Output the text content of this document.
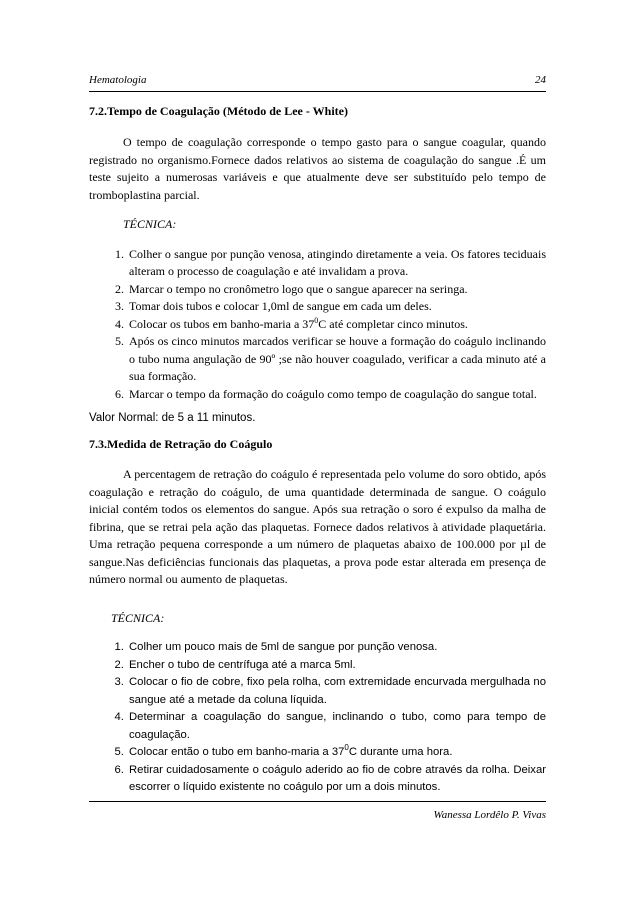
Hematologia	24
7.2.Tempo de Coagulação (Método de Lee - White)

O tempo de coagulação corresponde o tempo gasto para o sangue coagular, quando registrado no organismo.Fornece dados relativos ao sistema de coagulação do sangue .É um teste sujeito a numerosas variáveis e que atualmente deve ser substituído pelo tempo de tromboplastina parcial.

TÉCNICA:

1. Colher o sangue por punção venosa, atingindo diretamente a veia. Os fatores teciduais alteram o processo de coagulação e até invalidam a prova.
2. Marcar o tempo no cronômetro logo que o sangue aparecer na seringa.
3. Tomar dois tubos e colocar 1,0ml de sangue em cada um deles.
4. Colocar os tubos em banho-maria a $37^0C$ até completar cinco minutos.
5. Após os cinco minutos marcados verificar se houve a formação do coágulo inclinando o tubo numa angulação de 90º ;se não houver coagulado, verificar a cada minuto até a sua formação.
6. Marcar o tempo da formação do coágulo como tempo de coagulação do sangue total.

Valor Normal: de 5 a 11 minutos.

7.3.Medida de Retração do Coágulo

A percentagem de retração do coágulo é representada pelo volume do soro obtido, após coagulação e retração do coágulo, de uma quantidade determinada de sangue. O coágulo inicial contém todos os elementos do sangue. Após sua retração o soro é expulso da malha de fibrina, que se retrai pela ação das plaquetas. Fornece dados relativos à atividade plaquetária. Uma retração pequena corresponde a um número de plaquetas abaixo de 100.000 por µl de sangue.Nas deficiências funcionais das plaquetas, a prova pode estar alterada em presença de número normal ou aumento de plaquetas.

TÉCNICA:

1. Colher um pouco mais de 5ml de sangue por punção venosa.
2. Encher o tubo de centrífuga até a marca 5ml.
3. Colocar o fio de cobre, fixo pela rolha, com extremidade encurvada mergulhada no sangue até a metade da coluna líquida.
4. Determinar a coagulação do sangue, inclinando o tubo, como para tempo de coagulação.
5. Colocar então o tubo em banho-maria a $37^0C$ durante uma hora.
6. Retirar cuidadosamente o coágulo aderido ao fio de cobre através da rolha. Deixar escorrer o líquido existente no coágulo por um a dois minutos.
Wanessa Lordêlo P. Vivas
